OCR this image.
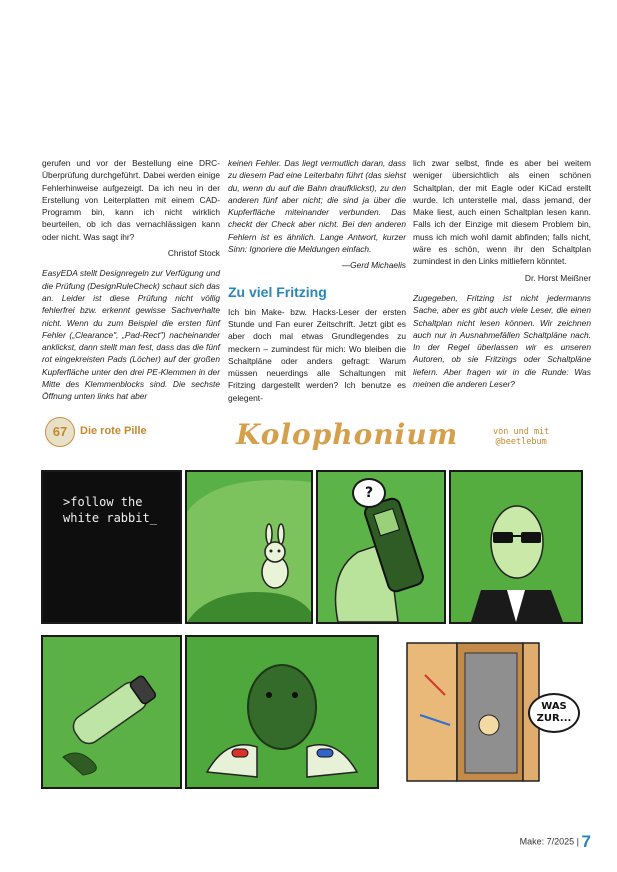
gerufen und vor der Bestellung eine DRC-Überprüfung durchgeführt. Dabei werden einige Fehlerhinweise aufgezeigt. Da ich neu in der Erstellung von Leiterplatten mit einem CAD-Programm bin, kann ich nicht wirklich beurteilen, ob ich das vernachlässigen kann oder nicht. Was sagt ihr?

Christof Stock

EasyEDA stellt Designregeln zur Verfügung und die Prüfung (DesignRuleCheck) schaut sich das an. Leider ist diese Prüfung nicht völlig fehlerfrei bzw. erkennt gewisse Sachverhalte nicht. Wenn du zum Beispiel die ersten fünf Fehler („Clearance", „Pad-Rect") nacheinander anklickst, dann stellt man fest, dass das die fünf rot eingekreisten Pads (Löcher) auf der großen Kupferfläche unter den drei PE-Klemmen in der Mitte des Klemmenblocks sind. Die sechste Öffnung unten links hat aber

keinen Fehler. Das liegt vermutlich daran, dass zu diesem Pad eine Leiterbahn führt (das siehst du, wenn du auf die Bahn draufklickst), zu den anderen fünf aber nicht; die sind ja über die Kupferfläche miteinander verbunden. Das checkt der Check aber nicht. Bei den anderen Fehlern ist es ähnlich. Lange Antwort, kurzer Sinn: Ignoriere die Meldungen einfach.

—Gerd Michaelis

Zu viel Fritzing

Ich bin Make- bzw. Hacks-Leser der ersten Stunde und Fan eurer Zeitschrift. Jetzt gibt es aber doch mal etwas Grundlegendes zu meckern – zumindest für mich: Wo bleiben die Schaltpläne oder anders gefragt: Warum müssen neuerdings alle Schaltungen mit Fritzing dargestellt werden? Ich benutze es gelegent-

lich zwar selbst, finde es aber bei weitem weniger übersichtlich als einen schönen Schaltplan, der mit Eagle oder KiCad erstellt wurde. Ich unterstelle mal, dass jemand, der Make liest, auch einen Schaltplan lesen kann. Falls ich der Einzige mit diesem Problem bin, muss ich mich wohl damit abfinden; falls nicht, wäre es schön, wenn ihr den Schaltplan zumindest in den Links mitliefern könntet.

Dr. Horst Meißner

Zugegeben, Fritzing ist nicht jedermanns Sache, aber es gibt auch viele Leser, die einen Schaltplan nicht lesen können. Wir zeichnen auch nur in Ausnahmefällen Schaltpläne nach. In der Regel überlassen wir es unseren Autoren, ob sie Fritzings oder Schaltpläne liefern. Aber fragen wir in die Runde: Was meinen die anderen Leser?

67	Die rote Pille	Kolophonium	von und mit
@beetlebum
>follow the
white rabbit_
?
WAS
ZUR...
Make: 7/2025 | 7
